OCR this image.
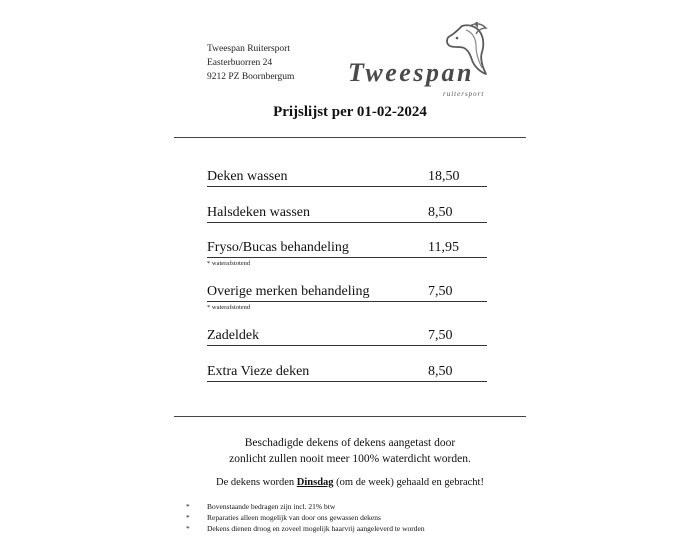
Tweespan Ruitersport
Easterbuorren 24
9212 PZ Boornbergum Tweespan
ruitersport
Prijslijst per 01-02-2024
Deken wassen	18,50
Halsdeken wassen	8,50
Fryso/Bucas behandeling	11,95
* waterafstotend
Overige merken behandeling	7,50
* waterafstotend
Zadeldek	7,50
Extra Vieze deken	8,50
Beschadigde dekens of dekens aangetast door
zonlicht zullen nooit meer 100% waterdicht worden.
De dekens worden Dinsdag (om de week) gehaald en gebracht!
* Bovenstaande bedragen zijn incl. 21% btw
* Reparaties alleen mogelijk van door ons gewassen dekens
* Dekens dienen droog en zoveel mogelijk haarvrij aangeleverd te worden
